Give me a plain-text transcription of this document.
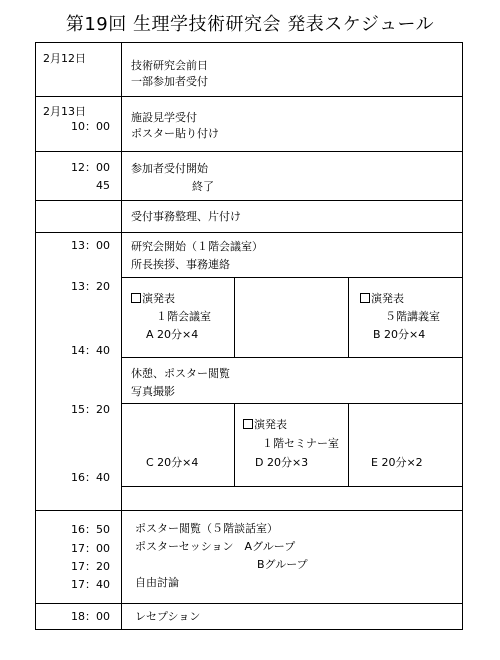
第19回 生理学技術研究会 発表スケジュール
2月12日
技術研究会前日
一部参加者受付
2月13日
10：00
施設見学受付
ポスター貼り付け
12：00
45
参加者受付開始
終了
受付事務整理、片付け
13：00
13：20
14：40
15：20
16：40
研究会開始（１階会議室）
所長挨拶、事務連絡
演発表
１階会議室
A 20分×4
演発表
５階講義室
B 20分×4
休憩、ポスター閲覧
写真撮影
C 20分×4
演発表
１階セミナー室
D 20分×3	E 20分×2
16：50
17：00
17：20
17：40
ポスター閲覧（５階談話室）
ポスターセッション　Aグループ
Bグループ
自由討論
18：00 レセプション
